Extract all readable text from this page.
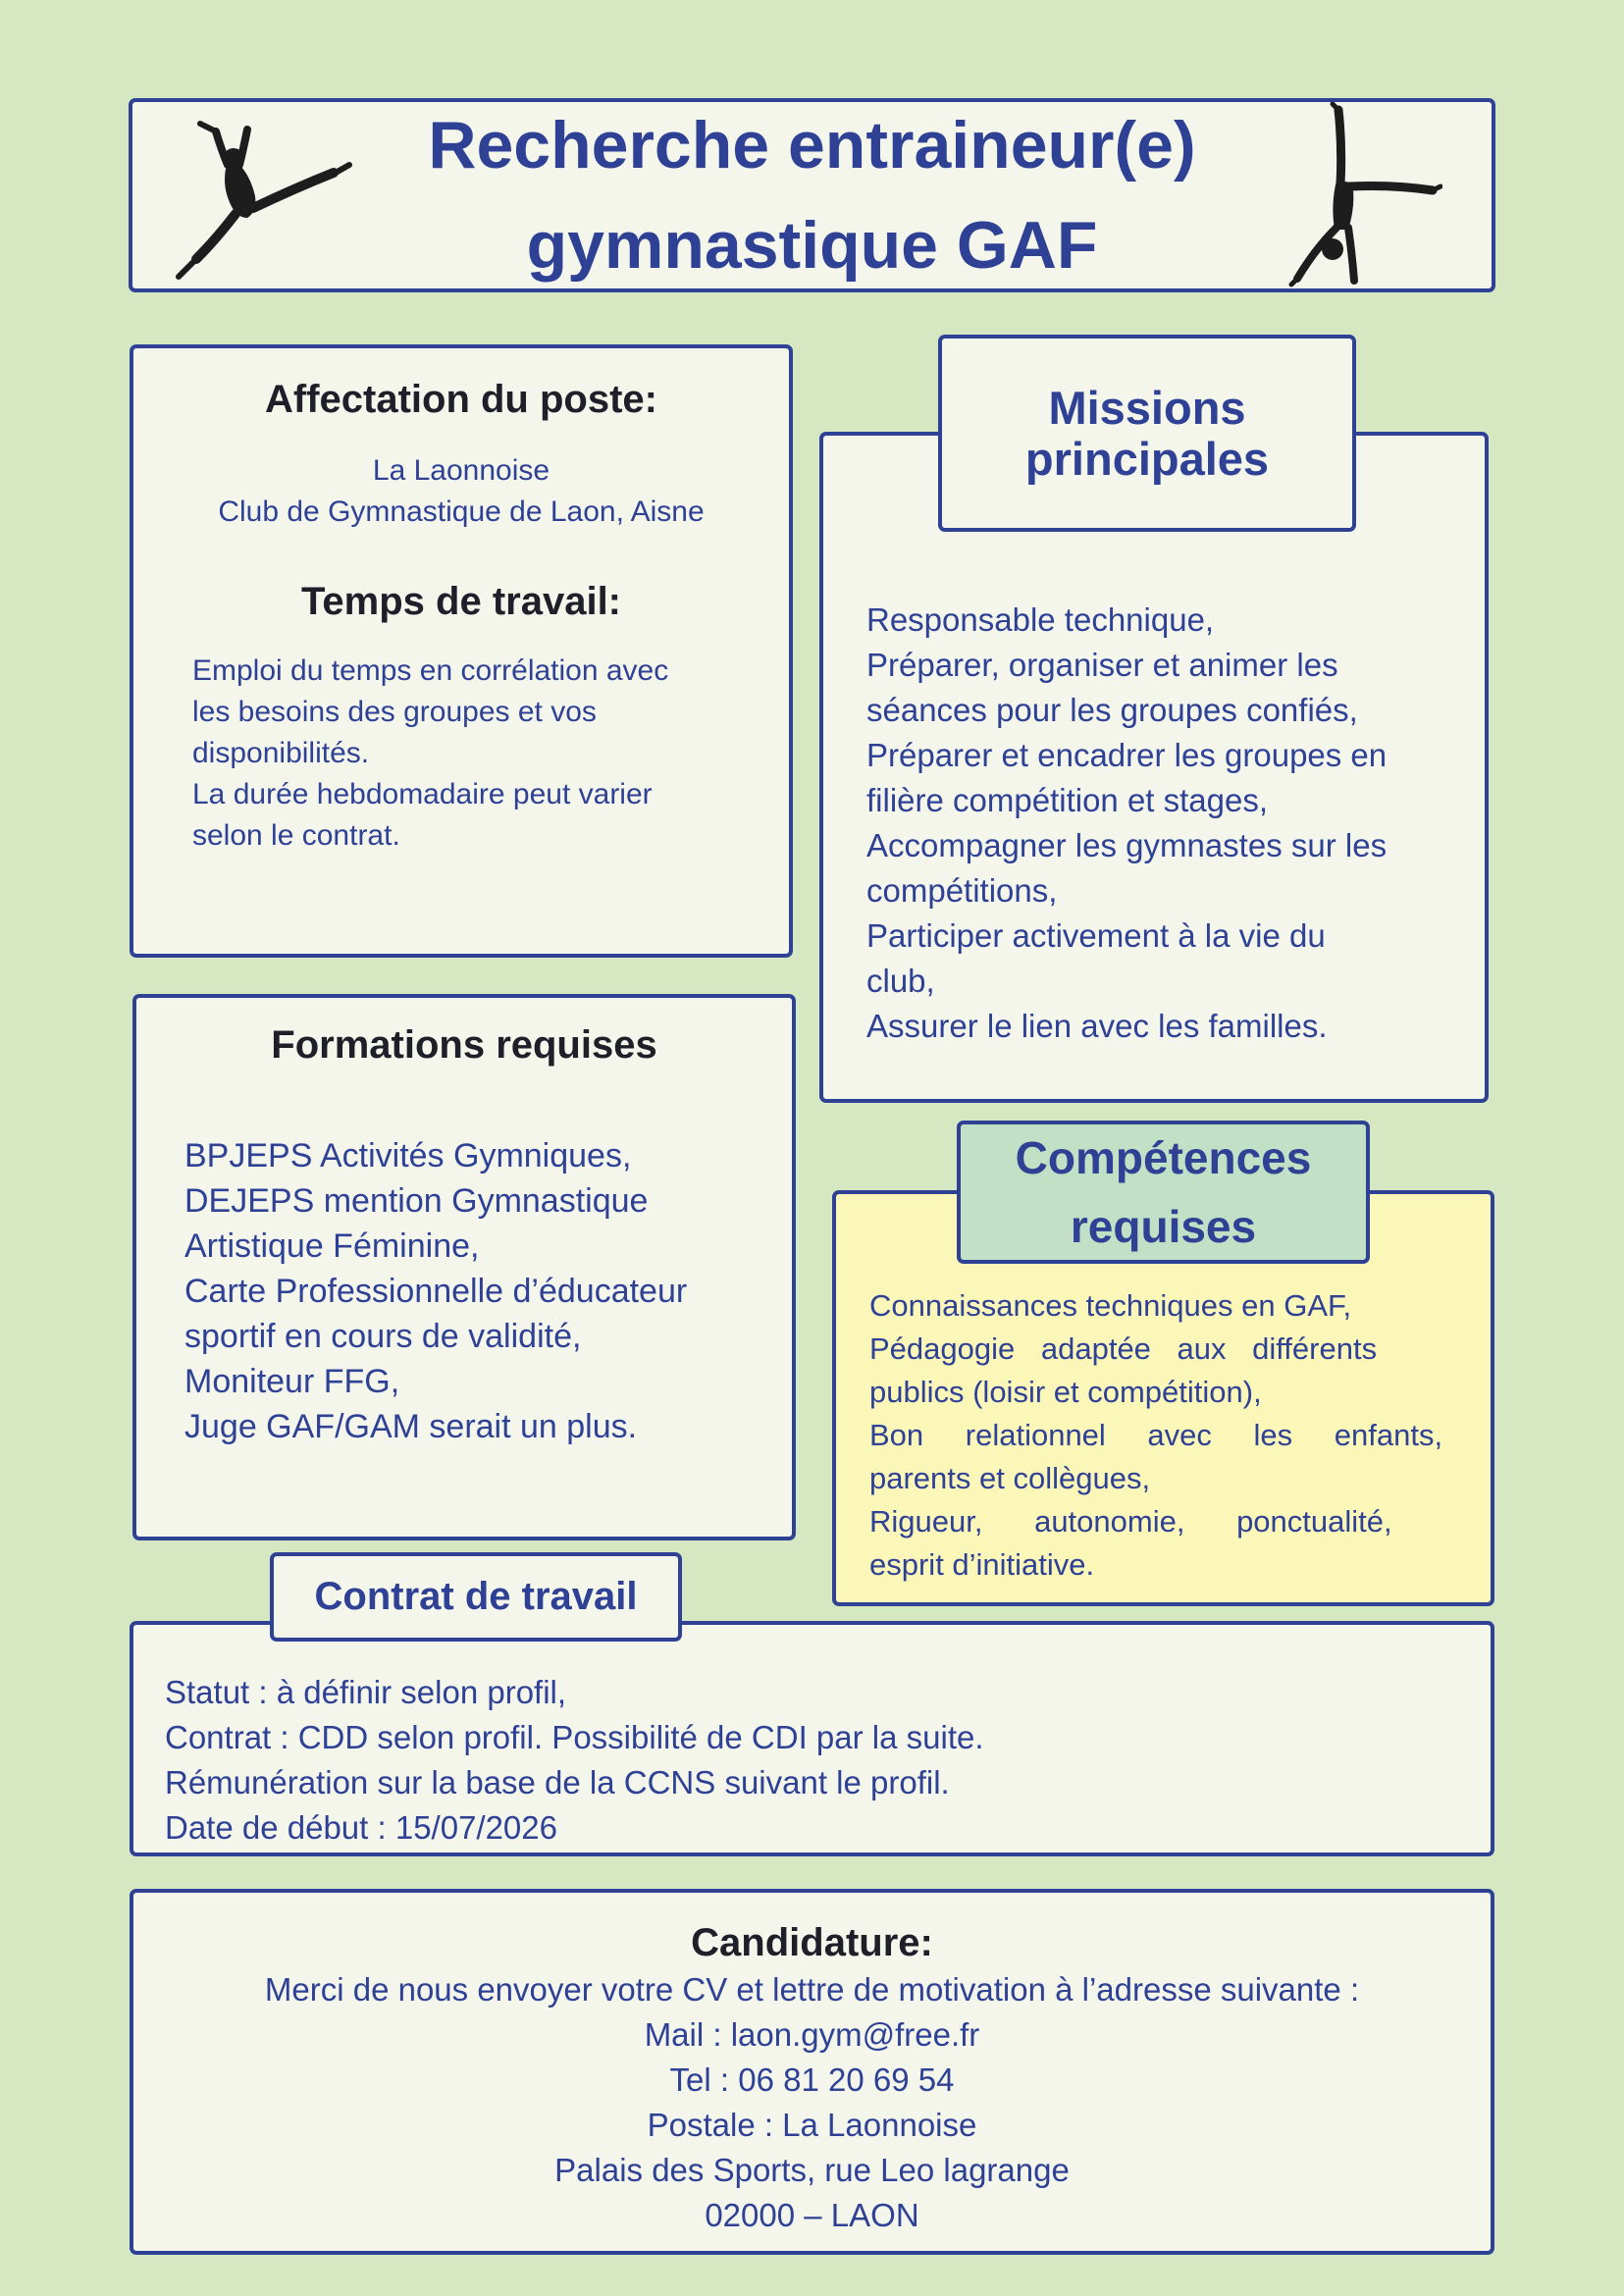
Recherche entraineur(e)
gymnastique GAF
Affectation du poste:
La Laonnoise
Club de Gymnastique de Laon, Aisne
Temps de travail:
Emploi du temps en corrélation avec
les besoins des groupes et vos
disponibilités.
La durée hebdomadaire peut varier
selon le contrat.
Responsable technique,
Préparer, organiser et animer les
séances pour les groupes confiés,
Préparer et encadrer les groupes en
filière compétition et stages,
Accompagner les gymnastes sur les
compétitions,
Participer activement à la vie du
club,
Assurer le lien avec les familles.
Missions
principales
Formations requises
BPJEPS Activités Gymniques,
DEJEPS mention Gymnastique
Artistique Féminine,
Carte Professionnelle d’éducateur
sportif en cours de validité,
Moniteur FFG,
Juge GAF/GAM serait un plus.
Connaissances techniques en GAF,
Pédagogie adaptée aux différents
publics (loisir et compétition),
Bon relationnel avec les enfants,
parents et collègues,
Rigueur, autonomie, ponctualité,
esprit d’initiative.
Compétences
requises
Statut : à définir selon profil,
Contrat : CDD selon profil. Possibilité de CDI par la suite.
Rémunération sur la base de la CCNS suivant le profil.
Date de début : 15/07/2026
Contrat de travail
Candidature:
Merci de nous envoyer votre CV et lettre de motivation à l’adresse suivante :
Mail : laon.gym@free.fr
Tel : 06 81 20 69 54
Postale : La Laonnoise
Palais des Sports, rue Leo lagrange
02000 – LAON
